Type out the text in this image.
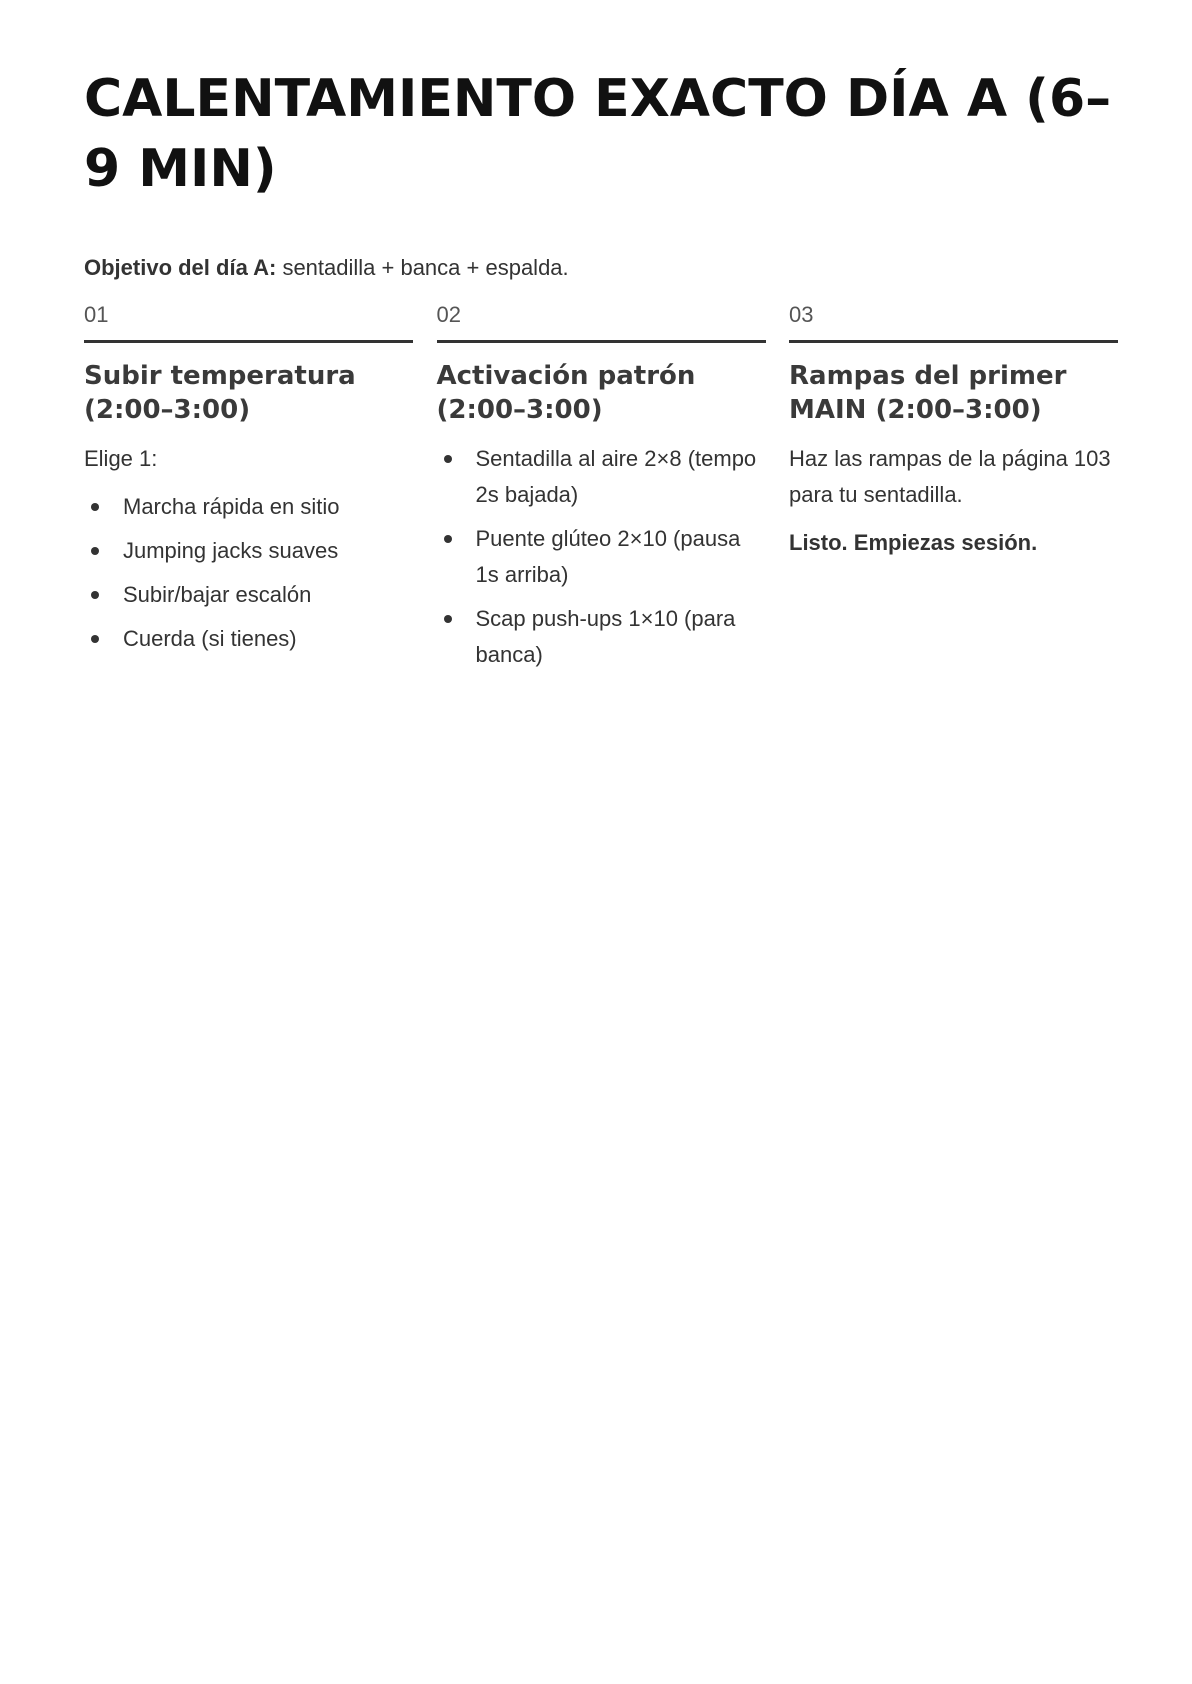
CALENTAMIENTO EXACTO DÍA A (6–9 MIN)

Objetivo del día A: sentadilla + banca + espalda.

01
Subir temperatura (2:00–3:00)

Elige 1:

Marcha rápida en sitio
Jumping jacks suaves
Subir/bajar escalón
Cuerda (si tienes)
02
Activación patrón (2:00–3:00)
Sentadilla al aire 2×8 (tempo 2s bajada)
Puente glúteo 2×10 (pausa 1s arriba)
Scap push-ups 1×10 (para banca)
03
Rampas del primer MAIN (2:00–3:00)

Haz las rampas de la página 103 para tu sentadilla.

Listo. Empiezas sesión.
